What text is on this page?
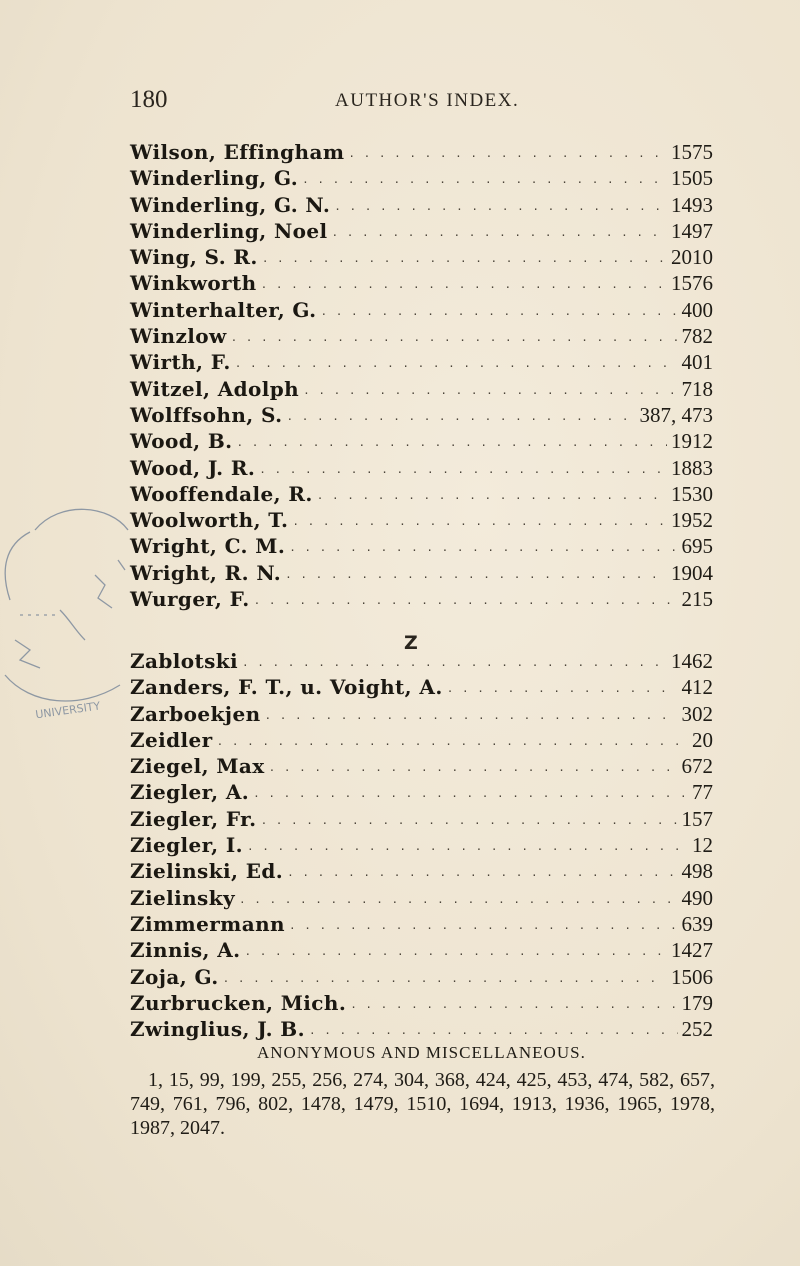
180	AUTHOR'S INDEX.
Wilson, Effingham . . .	1575
Winderling, G. . . .	1505
Winderling, G. N. . . .	1493
Winderling, Noel . . .	1497
Wing, S. R. . . .	2010
Winkworth . . .	1576
Winterhalter, G. . . .	400
Winzlow . . .	782
Wirth, F. . . .	401
Witzel, Adolph . . .	718
Wolffsohn, S. . . .	387, 473
Wood, B. . . .	1912
Wood, J. R. . . .	1883
Wooffendale, R. . . .	1530
Woolworth, T. . . .	1952
Wright, C. M. . . .	695
Wright, R. N. . . .	1904
Wurger, F. . . .	215
Z
Zablotski . . .	1462
Zanders, F. T., u. Voight, A. . . .	412
Zarboekjen . . .	302
Zeidler . . .	20
Ziegel, Max . . .	672
Ziegler, A. . . .	77
Ziegler, Fr. . . .	157
Ziegler, I. . . .	12
Zielinski, Ed. . . .	498
Zielinsky . . .	490
Zimmermann . . .	639
Zinnis, A. . . .	1427
Zoja, G. . . .	1506
Zurbrucken, Mich. . . .	179
Zwinglius, J. B. . . .	252
ANONYMOUS AND MISCELLANEOUS.
1, 15, 99, 199, 255, 256, 274, 304, 368, 424, 425, 453, 474, 582, 657, 749, 761, 796, 802, 1478, 1479, 1510, 1694, 1913, 1936, 1965, 1978, 1987, 2047.
UNIVERSITY
